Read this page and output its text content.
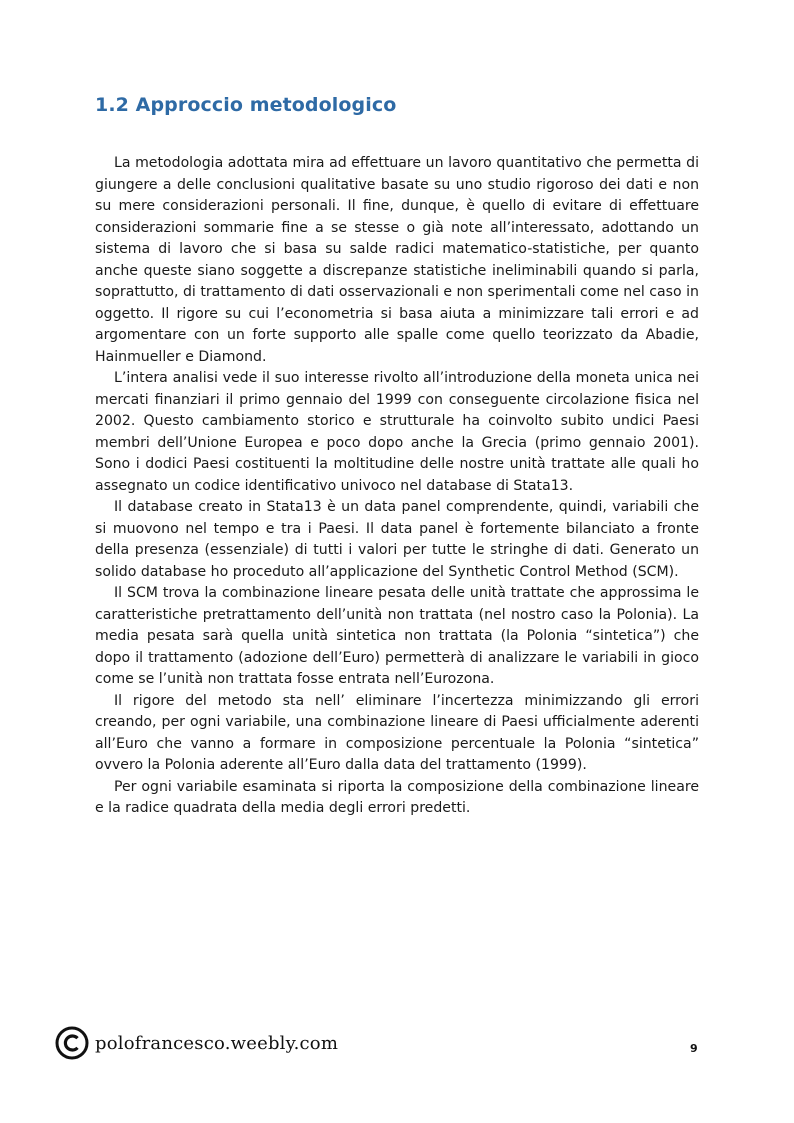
1.2 Approccio metodologico

La metodologia adottata mira ad effettuare un lavoro quantitativo che permetta di giungere a delle conclusioni qualitative basate su uno studio rigoroso dei dati e non su mere considerazioni personali. Il fine, dunque, è quello di evitare di effettuare considerazioni sommarie fine a se stesse o già note all’interessato, adottando un sistema di lavoro che si basa su salde radici matematico-statistiche, per quanto anche queste siano soggette a discrepanze statistiche ineliminabili quando si parla, soprattutto, di trattamento di dati osservazionali e non sperimentali come nel caso in oggetto. Il rigore su cui l’econometria si basa aiuta a minimizzare tali errori e ad argomentare con un forte supporto alle spalle come quello teorizzato da Abadie, Hainmueller e Diamond.

L’intera analisi vede il suo interesse rivolto all’introduzione della moneta unica nei mercati finanziari il primo gennaio del 1999 con conseguente circolazione fisica nel 2002. Questo cambiamento storico e strutturale ha coinvolto subito undici Paesi membri dell’Unione Europea e poco dopo anche la Grecia (primo gennaio 2001). Sono i dodici Paesi costituenti la moltitudine delle nostre unità trattate alle quali ho assegnato un codice identificativo univoco nel database di Stata13.

Il database creato in Stata13 è un data panel comprendente, quindi, variabili che si muovono nel tempo e tra i Paesi. Il data panel è fortemente bilanciato a fronte della presenza (essenziale) di tutti i valori per tutte le stringhe di dati. Generato un solido database ho proceduto all’applicazione del Synthetic Control Method (SCM).

Il SCM trova la combinazione lineare pesata delle unità trattate che approssima le caratteristiche pretrattamento dell’unità non trattata (nel nostro caso la Polonia). La media pesata sarà quella unità sintetica non trattata (la Polonia “sintetica”) che dopo il trattamento (adozione dell’Euro) permetterà di analizzare le variabili in gioco come se l’unità non trattata fosse entrata nell’Eurozona.

Il rigore del metodo sta nell’ eliminare l’incertezza minimizzando gli errori creando, per ogni variabile, una combinazione lineare di Paesi ufficialmente aderenti all’Euro che vanno a formare in composizione percentuale la Polonia “sintetica” ovvero la Polonia aderente all’Euro dalla data del trattamento (1999).

Per ogni variabile esaminata si riporta la composizione della combinazione lineare e la radice quadrata della media degli errori predetti.

polofrancesco.weebly.com	9
